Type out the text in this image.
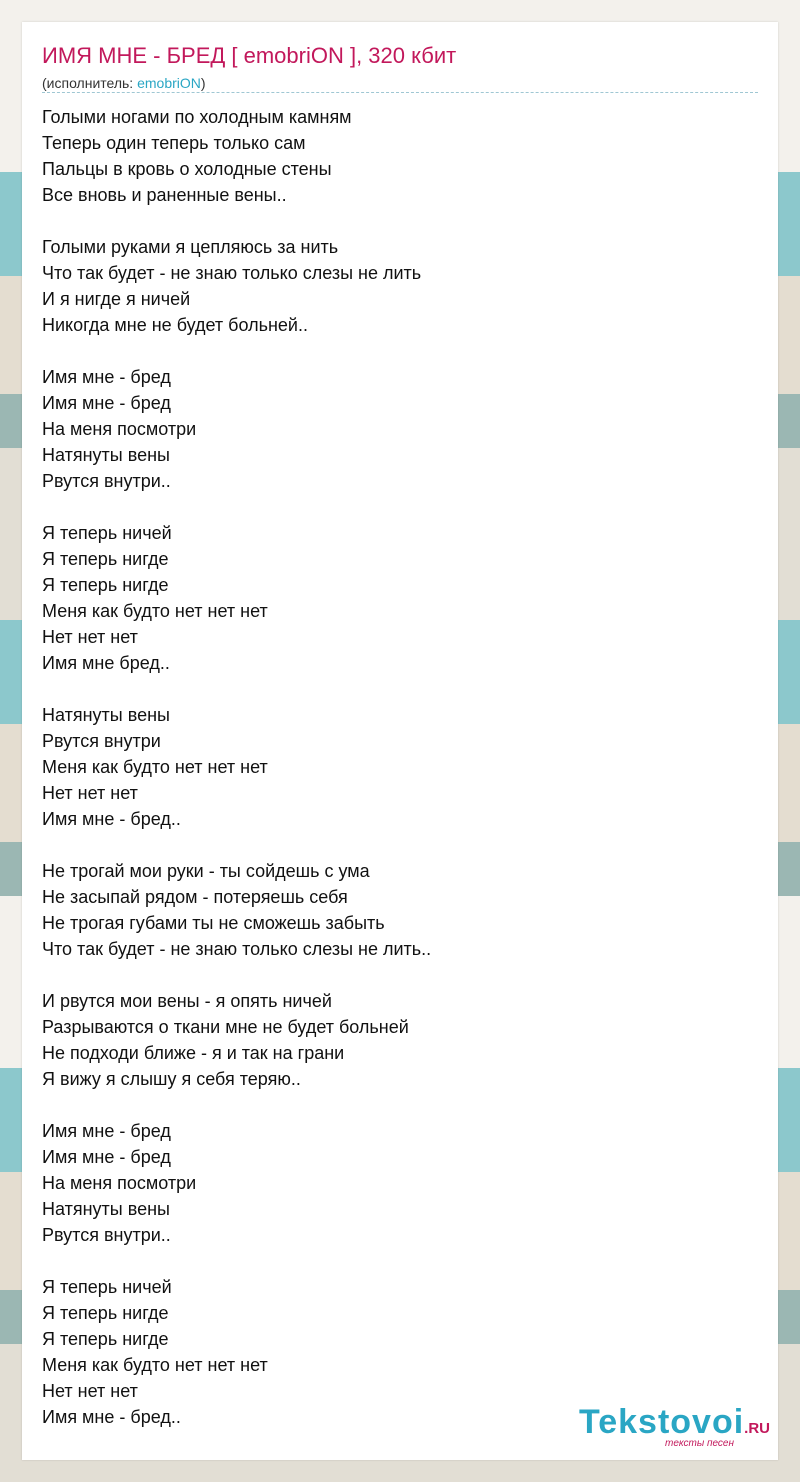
ИМЯ МНЕ - БРЕД [ emobriON ], 320 кбит
(исполнитель: emobriON)
Голыми ногами по холодным камням
Теперь один теперь только сам
Пальцы в кровь о холодные стены
Все вновь и раненные вены..
Голыми руками я цепляюсь за нить
Что так будет - не знаю только слезы не лить
И я нигде я ничей
Никогда мне не будет больней..
Имя мне - бред
Имя мне - бред
На меня посмотри
Натянуты вены
Рвутся внутри..
Я теперь ничей
Я теперь нигде
Я теперь нигде
Меня как будто нет нет нет
Нет нет нет
Имя мне бред..
Натянуты вены
Рвутся внутри
Меня как будто нет нет нет
Нет нет нет
Имя мне - бред..
Не трогай мои руки - ты сойдешь с ума
Не засыпай рядом - потеряешь себя
Не трогая губами ты не сможешь забыть
Что так будет - не знаю только слезы не лить..
И рвутся мои вены - я опять ничей
Разрываются о ткани мне не будет больней
Не подходи ближе - я и так на грани
Я вижу я слышу я себя теряю..
Имя мне - бред
Имя мне - бред
На меня посмотри
Натянуты вены
Рвутся внутри..
Я теперь ничей
Я теперь нигде
Я теперь нигде
Меня как будто нет нет нет
Нет нет нет
Имя мне - бред..	Tekstovoi.RU
тексты песен
